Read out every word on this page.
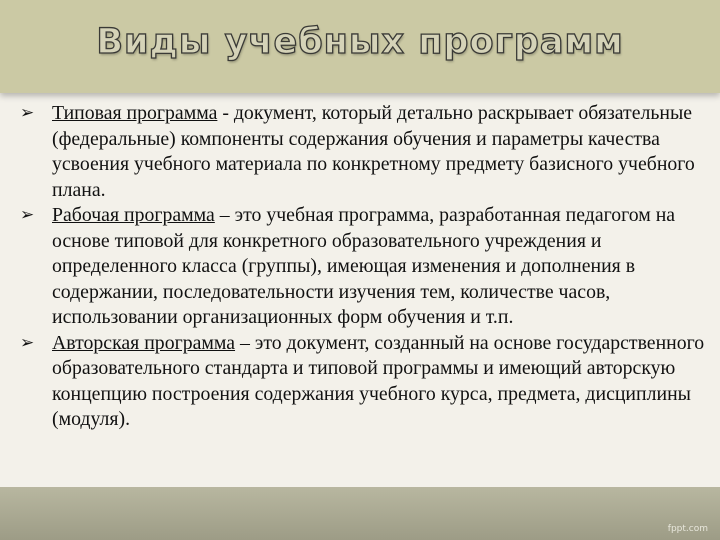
Виды учебных программ

➢ Типовая программа - документ, который детально раскрывает обязательные (федеральные) компоненты содержания обучения и параметры качества усвоения учебного материала по конкретному предмету базисного учебного плана.

➢ Рабочая программа – это учебная программа, разработанная педагогом на основе типовой для конкретного образовательного учреждения и определенного класса (группы), имеющая изменения и дополнения в содержании, последовательности изучения тем, количестве часов, использовании организационных форм обучения и т.п.

➢ Авторская программа – это документ, созданный на основе государственного образовательного стандарта и типовой программы и имеющий авторскую концепцию построения содержания учебного курса, предмета, дисциплины (модуля).

fppt.com
